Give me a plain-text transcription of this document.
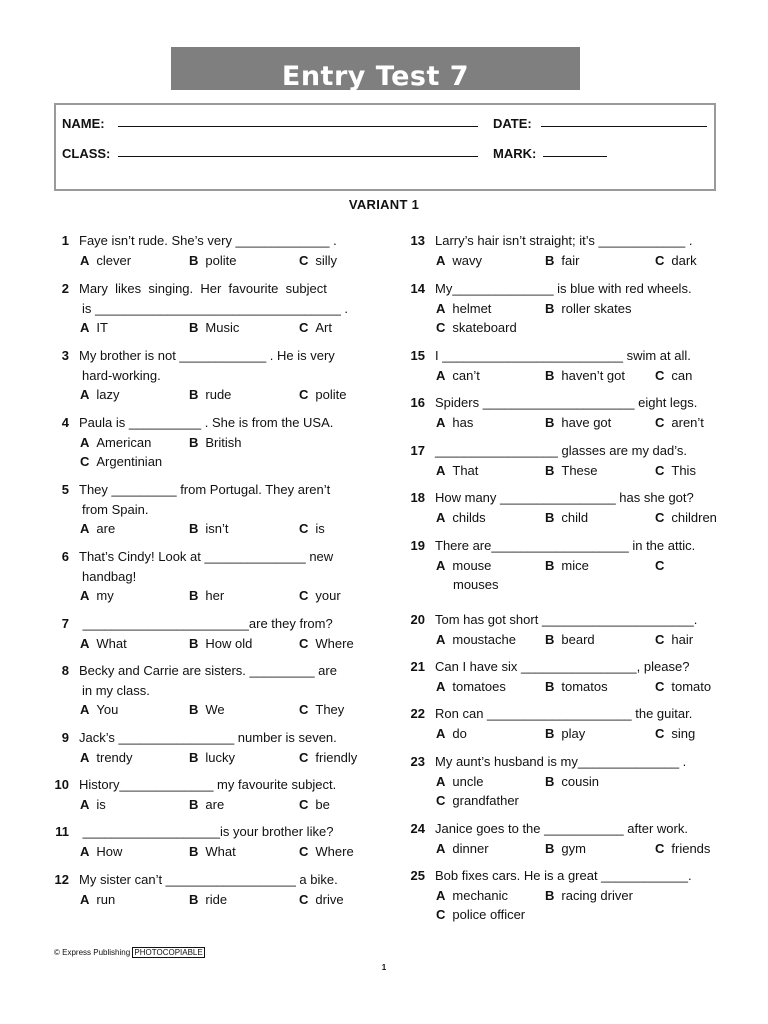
Entry Test 7
NAME:	DATE:
CLASS:	MARK:
VARIANT 1
1 Faye isn’t rude. She’s very _____________ .
A clever	B polite	C silly
2 Mary  likes  singing.  Her  favourite  subject
is __________________________________ .
A IT	B Music	C Art
3 My brother is not ____________ . He is very
hard-working.
A lazy	B rude	C polite
4 Paula is __________ . She is from the USA.
A American	B British
C Argentinian
5 They _________ from Portugal. They aren’t
from Spain.
A are	B isn’t	C is
6 That’s Cindy! Look at ______________ new
handbag!
A my	B her	C your
7 _______________________are they from?
A What	B How old	C Where
8 Becky and Carrie are sisters. _________ are
in my class.
A You	B We	C They
9 Jack’s ________________ number is seven.
A trendy	B lucky	C friendly
10 History_____________ my favourite subject.
A is	B are	C be
11 ___________________is your brother like?
A How	B What	C Where
12 My sister can’t __________________ a bike.
A run	B ride	C drive
13 Larry’s hair isn’t straight; it’s ____________ .
A wavy	B fair	C dark
14 My______________ is blue with red wheels.
A helmet	B roller skates
C skateboard
15 I _________________________ swim at all.
A can’t	B haven’t got C can
16 Spiders _____________________ eight legs.
A has	B have got	C aren’t
17 _________________ glasses are my dad’s.
A That	B These	C This
18 How many ________________ has she got?
A childs	B child	C children
19 There are___________________ in the attic.
A mouse	B mice	C
mouses
20 Tom has got short _____________________.
A moustache B beard	C hair
21 Can I have six ________________, please?
A tomatoes	B tomatos	C tomato
22 Ron can ____________________ the guitar.
A do	B play	C sing
23 My aunt’s husband is my______________ .
A uncle	B cousin
C grandfather
24 Janice goes to the ___________ after work.
A dinner	B gym	C friends
25 Bob fixes cars. He is a great ____________.
A mechanic	B racing driver
C police officer
© Express Publishing PHOTOCOPIABLE
1
